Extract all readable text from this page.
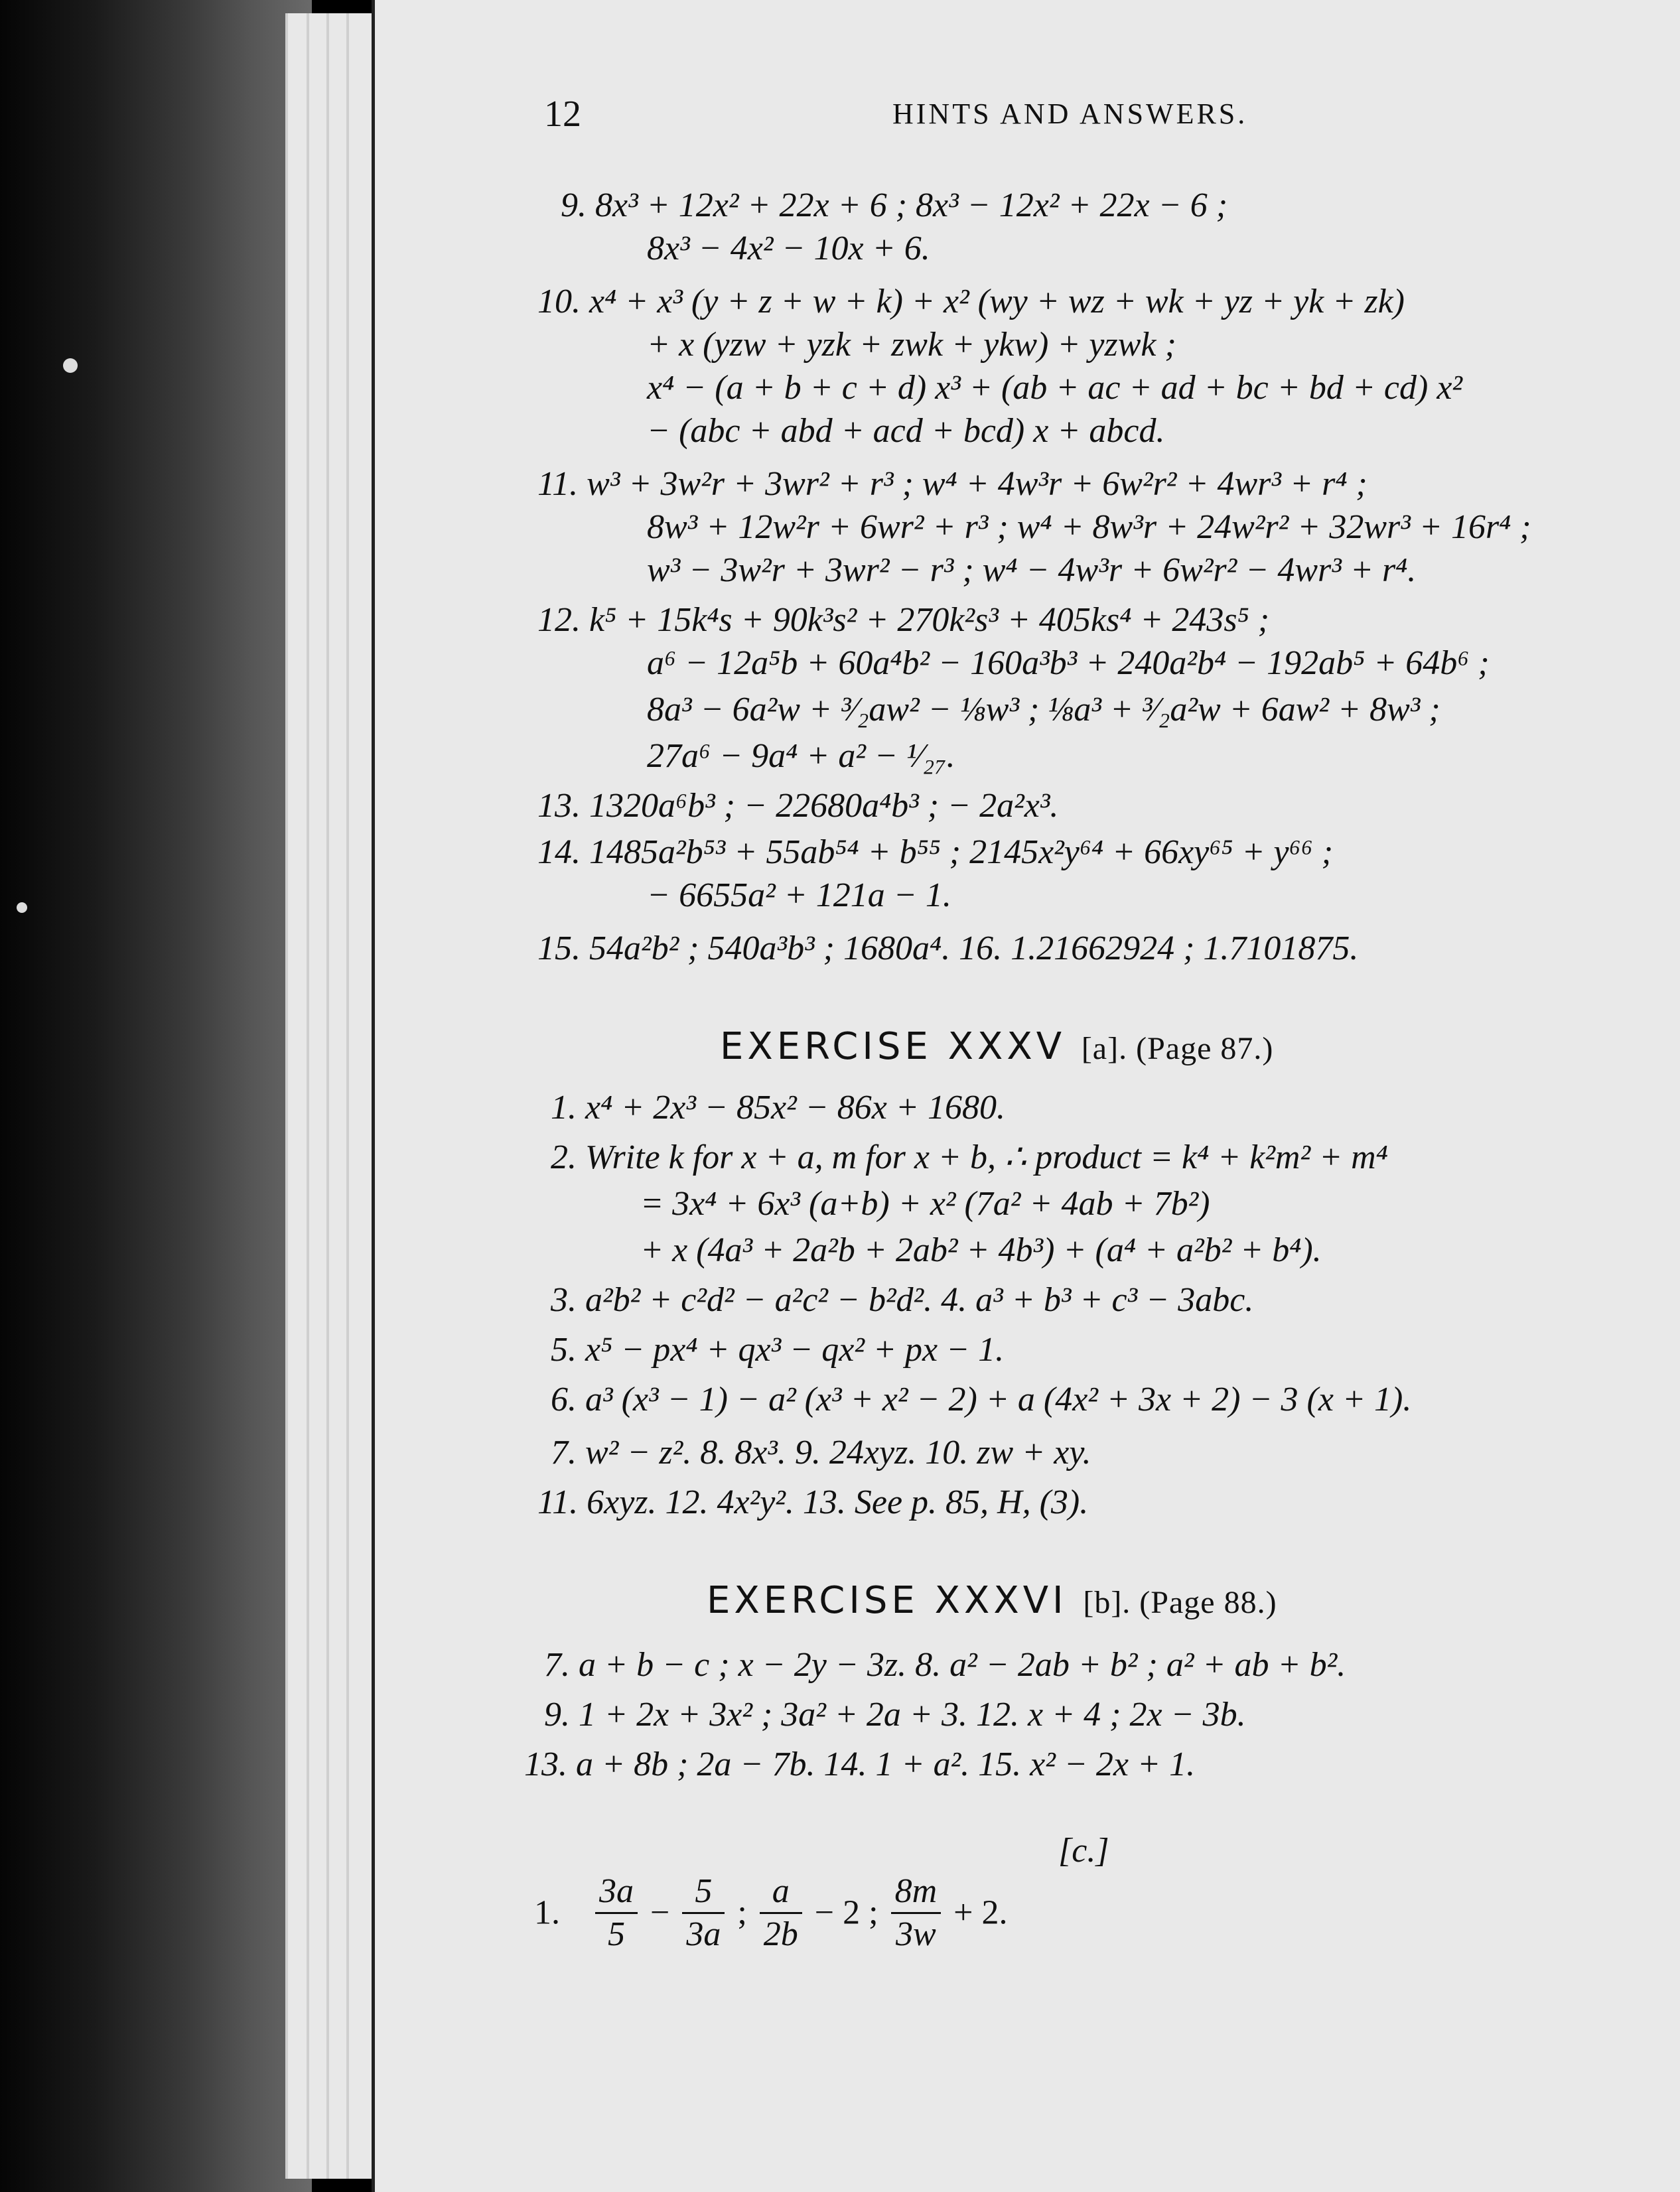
12	HINTS AND ANSWERS.
9. 8x³ + 12x² + 22x + 6 ; 8x³ − 12x² + 22x − 6 ;
8x³ − 4x² − 10x + 6.
10. x⁴ + x³ (y + z + w + k) + x² (wy + wz + wk + yz + yk + zk)
+ x (yzw + yzk + zwk + ykw) + yzwk ;
x⁴ − (a + b + c + d) x³ + (ab + ac + ad + bc + bd + cd) x²
− (abc + abd + acd + bcd) x + abcd.
11. w³ + 3w²r + 3wr² + r³ ; w⁴ + 4w³r + 6w²r² + 4wr³ + r⁴ ;
8w³ + 12w²r + 6wr² + r³ ; w⁴ + 8w³r + 24w²r² + 32wr³ + 16r⁴ ;
w³ − 3w²r + 3wr² − r³ ; w⁴ − 4w³r + 6w²r² − 4wr³ + r⁴.
12. k⁵ + 15k⁴s + 90k³s² + 270k²s³ + 405ks⁴ + 243s⁵ ;
a⁶ − 12a⁵b + 60a⁴b² − 160a³b³ + 240a²b⁴ − 192ab⁵ + 64b⁶ ;
8a³ − 6a²w + ³⁄₂aw² − ⅛w³ ; ⅛a³ + ³⁄₂a²w + 6aw² + 8w³ ;
27a⁶ − 9a⁴ + a² − ¹⁄₂₇.
13. 1320a⁶b³ ; − 22680a⁴b³ ; − 2a²x³.
14. 1485a²b⁵³ + 55ab⁵⁴ + b⁵⁵ ; 2145x²y⁶⁴ + 66xy⁶⁵ + y⁶⁶ ;
− 6655a² + 121a − 1.
15. 54a²b² ; 540a³b³ ; 1680a⁴. 16. 1.21662924 ; 1.7101875.
EXERCISE XXXV [a]. (Page 87.)
1. x⁴ + 2x³ − 85x² − 86x + 1680.
2. Write k for x + a, m for x + b, ∴ product = k⁴ + k²m² + m⁴
= 3x⁴ + 6x³ (a+b) + x² (7a² + 4ab + 7b²)
+ x (4a³ + 2a²b + 2ab² + 4b³) + (a⁴ + a²b² + b⁴).
3. a²b² + c²d² − a²c² − b²d². 4. a³ + b³ + c³ − 3abc.
5. x⁵ − px⁴ + qx³ − qx² + px − 1.
6. a³ (x³ − 1) − a² (x³ + x² − 2) + a (4x² + 3x + 2) − 3 (x + 1).
7. w² − z². 8. 8x³. 9. 24xyz. 10. zw + xy.
11. 6xyz. 12. 4x²y². 13. See p. 85, H, (3).
EXERCISE XXXVI [b]. (Page 88.)
7. a + b − c ; x − 2y − 3z. 8. a² − 2ab + b² ; a² + ab + b².
9. 1 + 2x + 3x² ; 3a² + 2a + 3. 12. x + 4 ; 2x − 3b.
13. a + 8b ; 2a − 7b. 14. 1 + a². 15. x² − 2x + 1.
[c.]
1. $\frac{3a}{5} - \frac{5}{3a}$ ; $\frac{a}{2b} - 2$ ; $\frac{8m}{3w} + 2$.
